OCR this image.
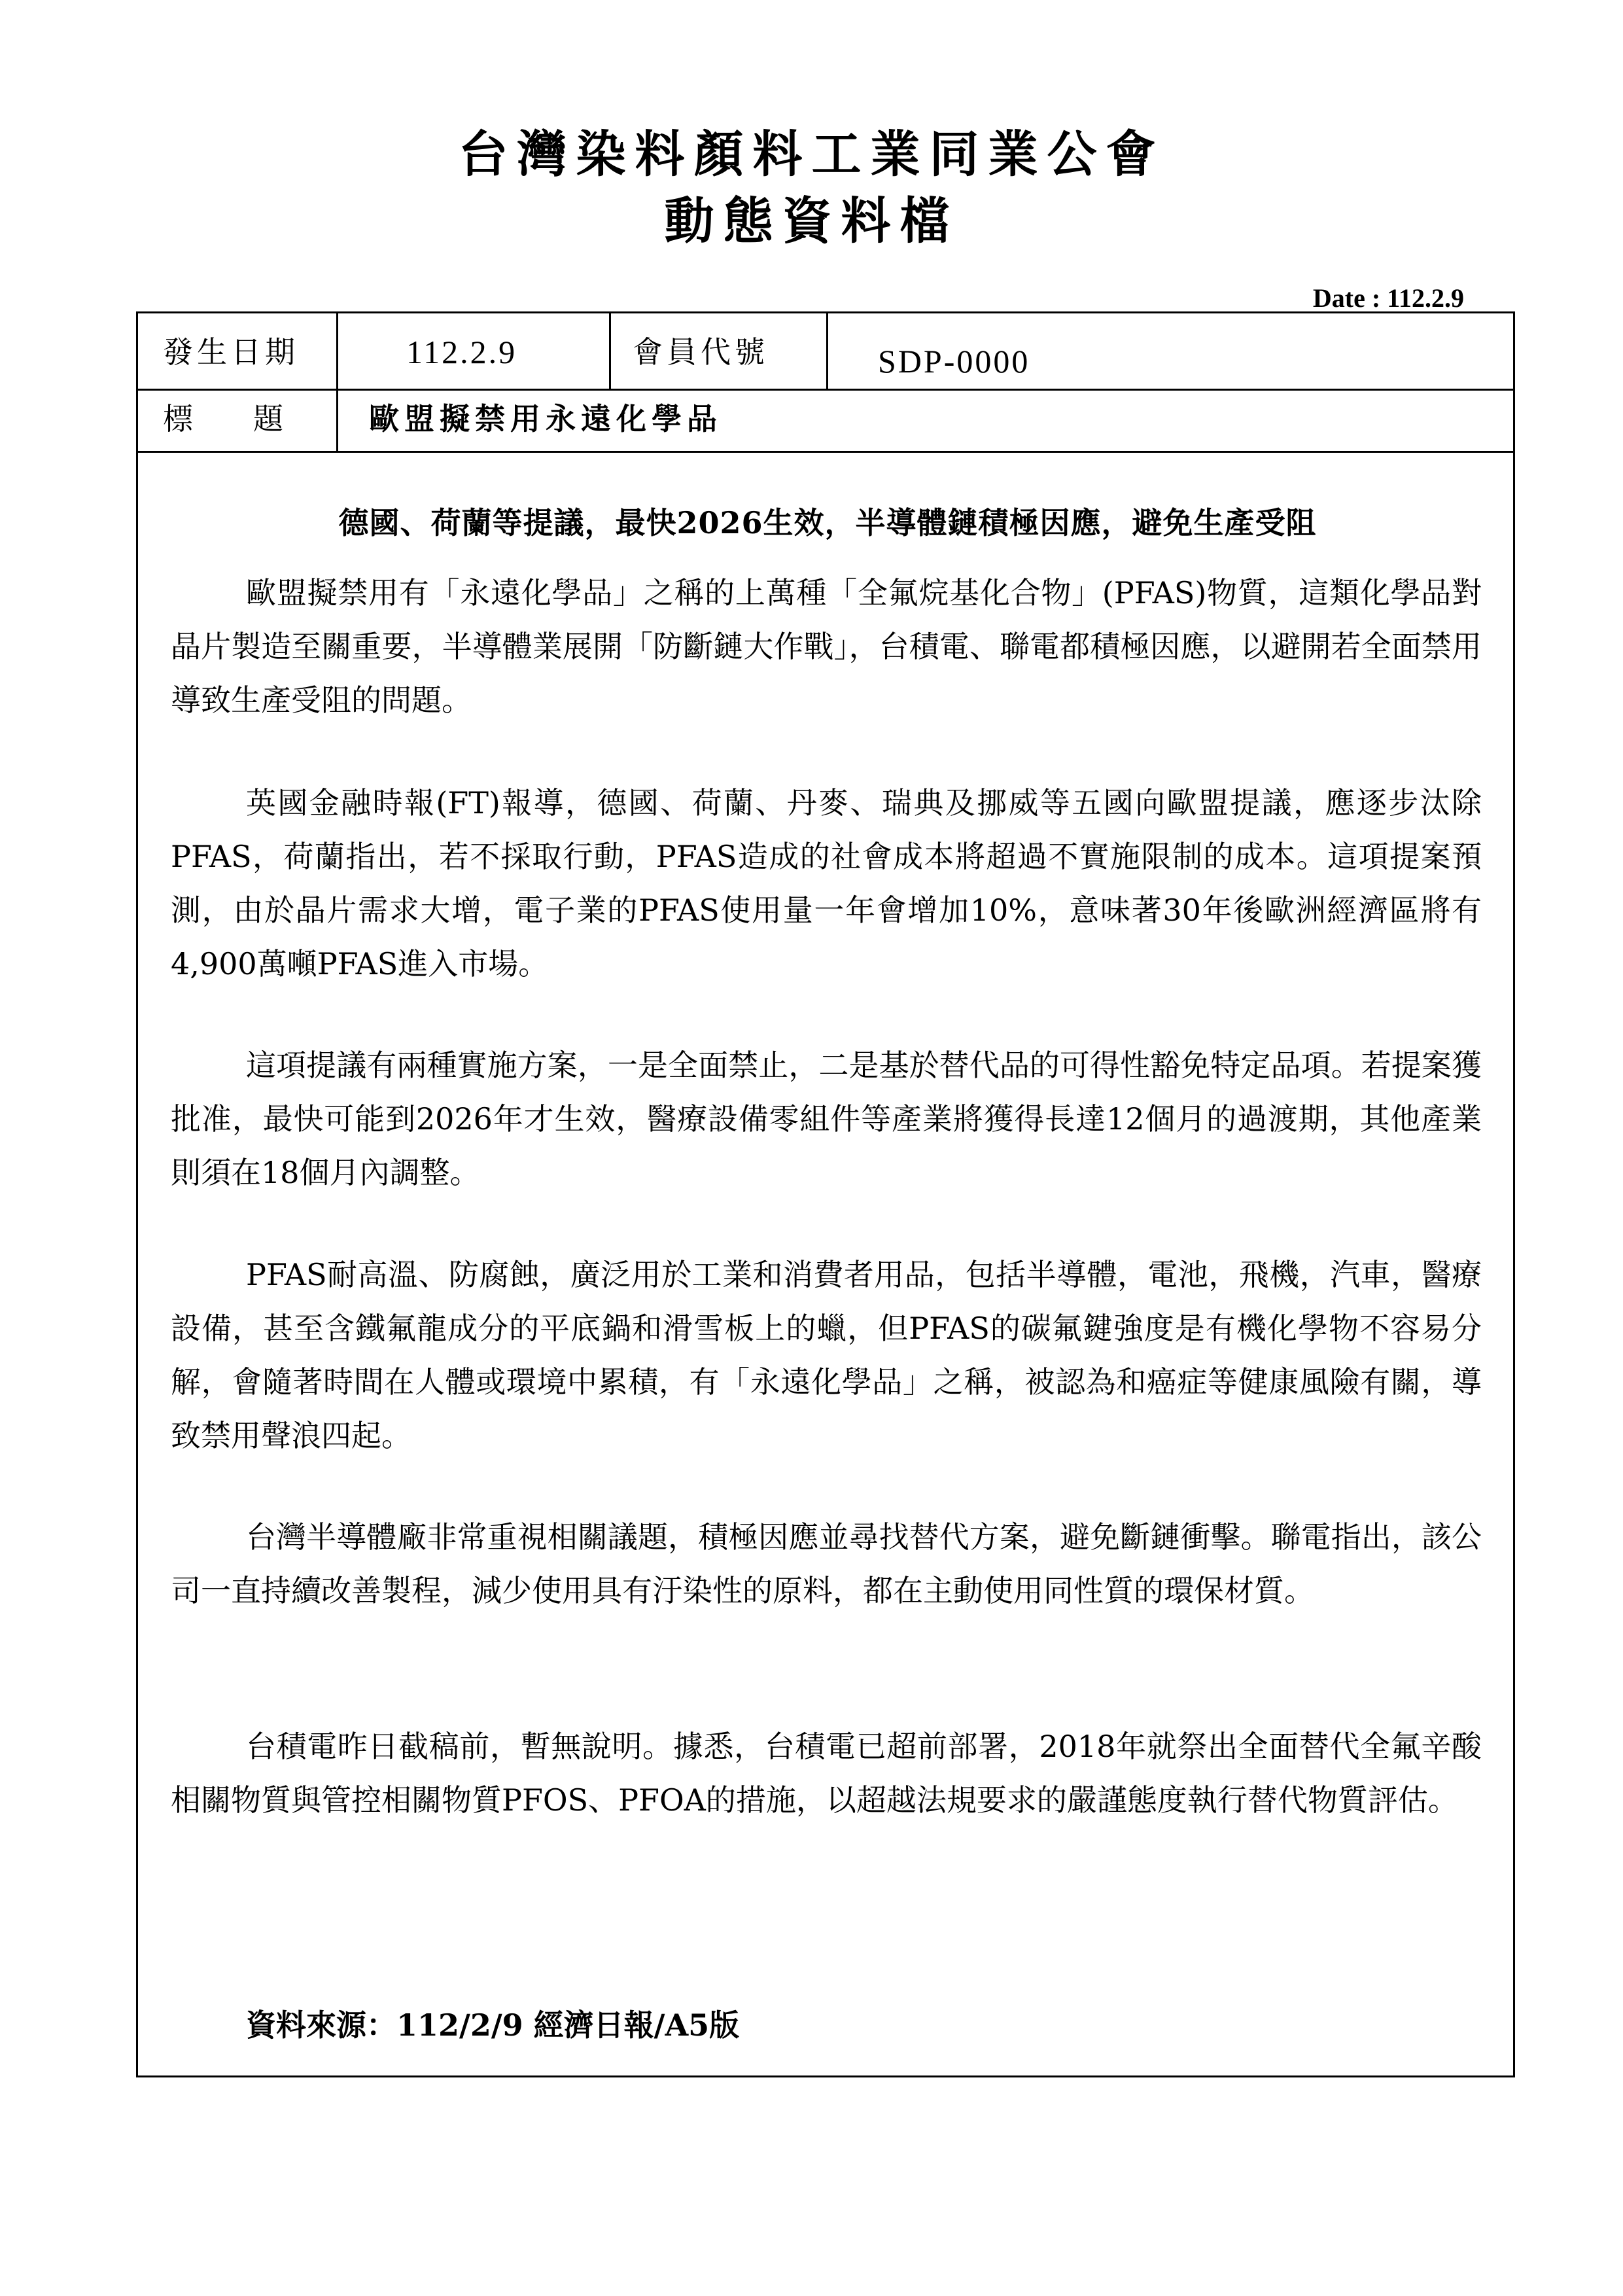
台灣染料顏料工業同業公會
動態資料檔
Date : 112.2.9
發生日期	112.2.9	會員代號	SDP-0000
標　　題	歐盟擬禁用永遠化學品
德國、荷蘭等提議，最快2026生效，半導體鏈積極因應，避免生產受阻
歐盟擬禁用有「永遠化學品」之稱的上萬種「全氟烷基化合物」(PFAS)物質，這類化學品對晶片製造至關重要，半導體業展開「防斷鏈大作戰」，台積電、聯電都積極因應，以避開若全面禁用導致生產受阻的問題。
英國金融時報(FT)報導，德國、荷蘭、丹麥、瑞典及挪威等五國向歐盟提議，應逐步汰除PFAS，荷蘭指出，若不採取行動，PFAS造成的社會成本將超過不實施限制的成本。這項提案預測，由於晶片需求大增，電子業的PFAS使用量一年會增加10%，意味著30年後歐洲經濟區將有4,900萬噸PFAS進入市場。
這項提議有兩種實施方案，一是全面禁止，二是基於替代品的可得性豁免特定品項。若提案獲批准，最快可能到2026年才生效，醫療設備零組件等產業將獲得長達12個月的過渡期，其他產業則須在18個月內調整。
PFAS耐高溫、防腐蝕，廣泛用於工業和消費者用品，包括半導體，電池，飛機，汽車，醫療設備，甚至含鐵氟龍成分的平底鍋和滑雪板上的蠟，但PFAS的碳氟鍵強度是有機化學物不容易分解，會隨著時間在人體或環境中累積，有「永遠化學品」之稱，被認為和癌症等健康風險有關，導致禁用聲浪四起。
台灣半導體廠非常重視相關議題，積極因應並尋找替代方案，避免斷鏈衝擊。聯電指出，該公司一直持續改善製程，減少使用具有汙染性的原料，都在主動使用同性質的環保材質。
台積電昨日截稿前，暫無說明。據悉，台積電已超前部署，2018年就祭出全面替代全氟辛酸相關物質與管控相關物質PFOS、PFOA的措施，以超越法規要求的嚴謹態度執行替代物質評估。
資料來源：112/2/9 經濟日報/A5版
